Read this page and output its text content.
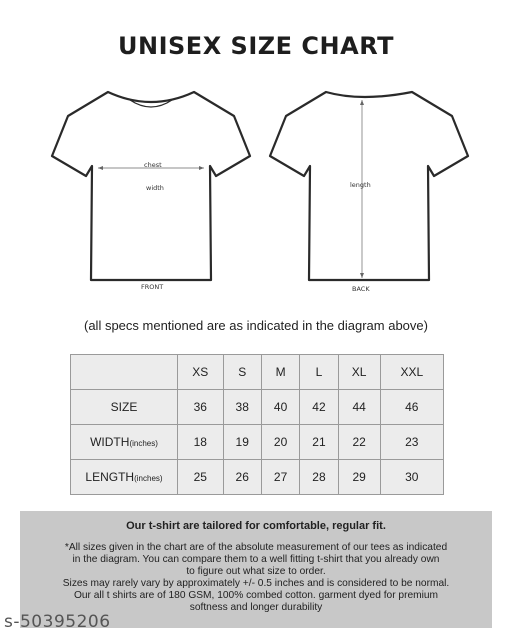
UNISEX SIZE CHART
chest
width
FRONT
length
BACK
(all specs mentioned are as indicated in the diagram above)
	XS	S	M	L	XL	XXL
SIZE	36	38	40	42	44	46
WIDTH(inches)	18	19	20	21	22	23
LENGTH(inches)	25	26	27	28	29	30
Our t-shirt are tailored for comfortable, regular fit.

*All sizes given in the chart are of the absolute measurement of our tees as indicated

in the diagram. You can compare them to a well fitting t-shirt that you already own

to figure out what size to order.

Sizes may rarely vary by approximately +/- 0.5 inches and is considered to be normal.

Our all t shirts are of 180 GSM, 100% combed cotton. garment dyed for premium

softness and longer durability

s-50395206
